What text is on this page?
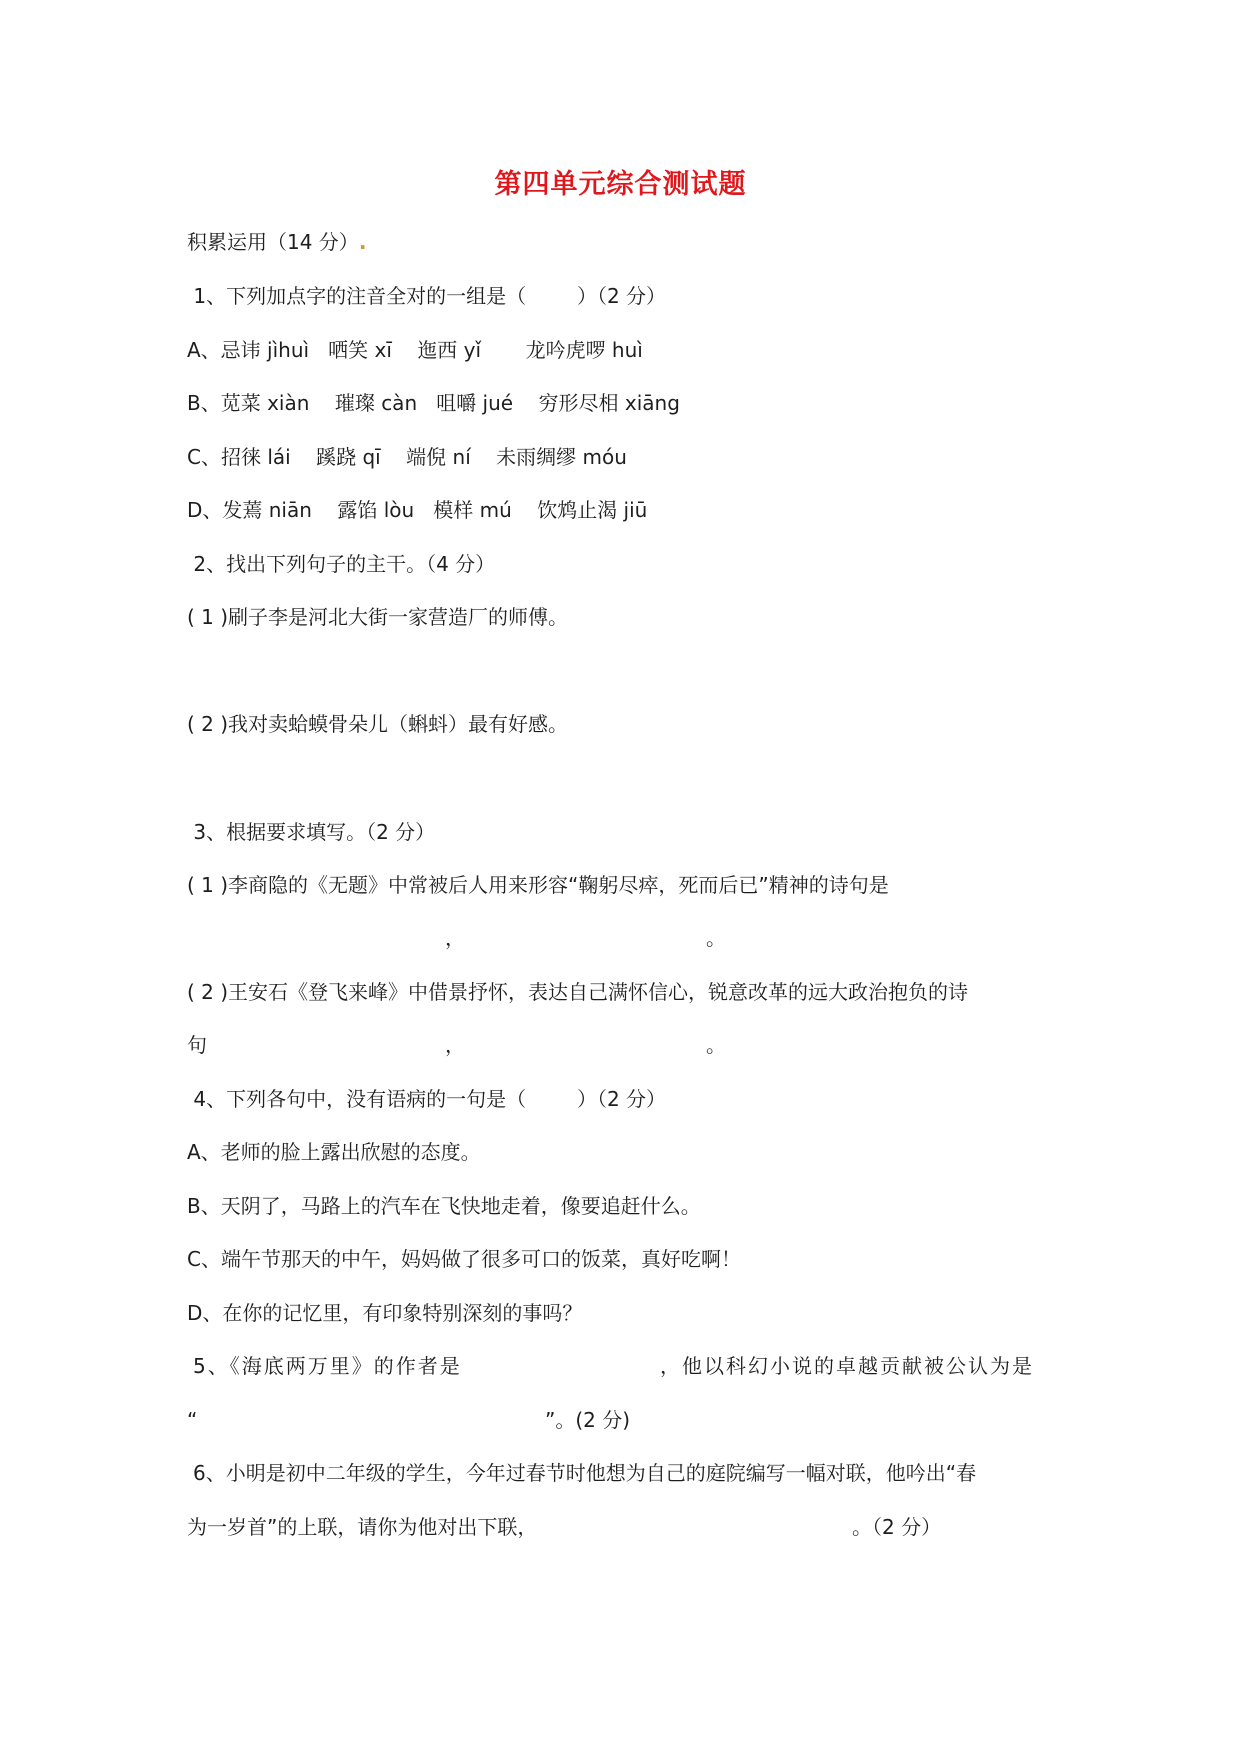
第四单元综合测试题
积累运用（14 分）.
1、下列加点字的注音全对的一组是（        ）（2 分）
A、忌讳 jìhuì   哂笑 xī    迤西 yǐ       龙吟虎啰 huì
B、苋菜 xiàn    璀璨 càn   咀嚼 jué    穷形尽相 xiāng
C、招徕 lái    蹊跷 qī    端倪 ní    未雨绸缪 móu
D、发蔫 niān    露馅 lòu   模样 mú    饮鸩止渴 jiū
2、找出下列句子的主干。（4 分）
( 1 )刷子李是河北大街一家营造厂的师傅。
( 2 )我对卖蛤蟆骨朵儿（蝌蚪）最有好感。
3、根据要求填写。（2 分）
( 1 )李商隐的《无题》中常被后人用来形容“鞠躬尽瘁，死而后已”精神的诗句是
，	。
( 2 )王安石《登飞来峰》中借景抒怀，表达自己满怀信心，锐意改革的远大政治抱负的诗
句	，	。
4、下列各句中，没有语病的一句是（        ）（2 分）
A、老师的脸上露出欣慰的态度。
B、天阴了，马路上的汽车在飞快地走着，像要追赶什么。
C、端午节那天的中午，妈妈做了很多可口的饭菜，真好吃啊！
D、在你的记忆里，有印象特别深刻的事吗？
5、《海底两万里》的作者是	，他以科幻小说的卓越贡献被公认为是
“	”。(2 分)
6、小明是初中二年级的学生，今年过春节时他想为自己的庭院编写一幅对联，他吟出“春
为一岁首”的上联，请你为他对出下联，	。（2 分）
